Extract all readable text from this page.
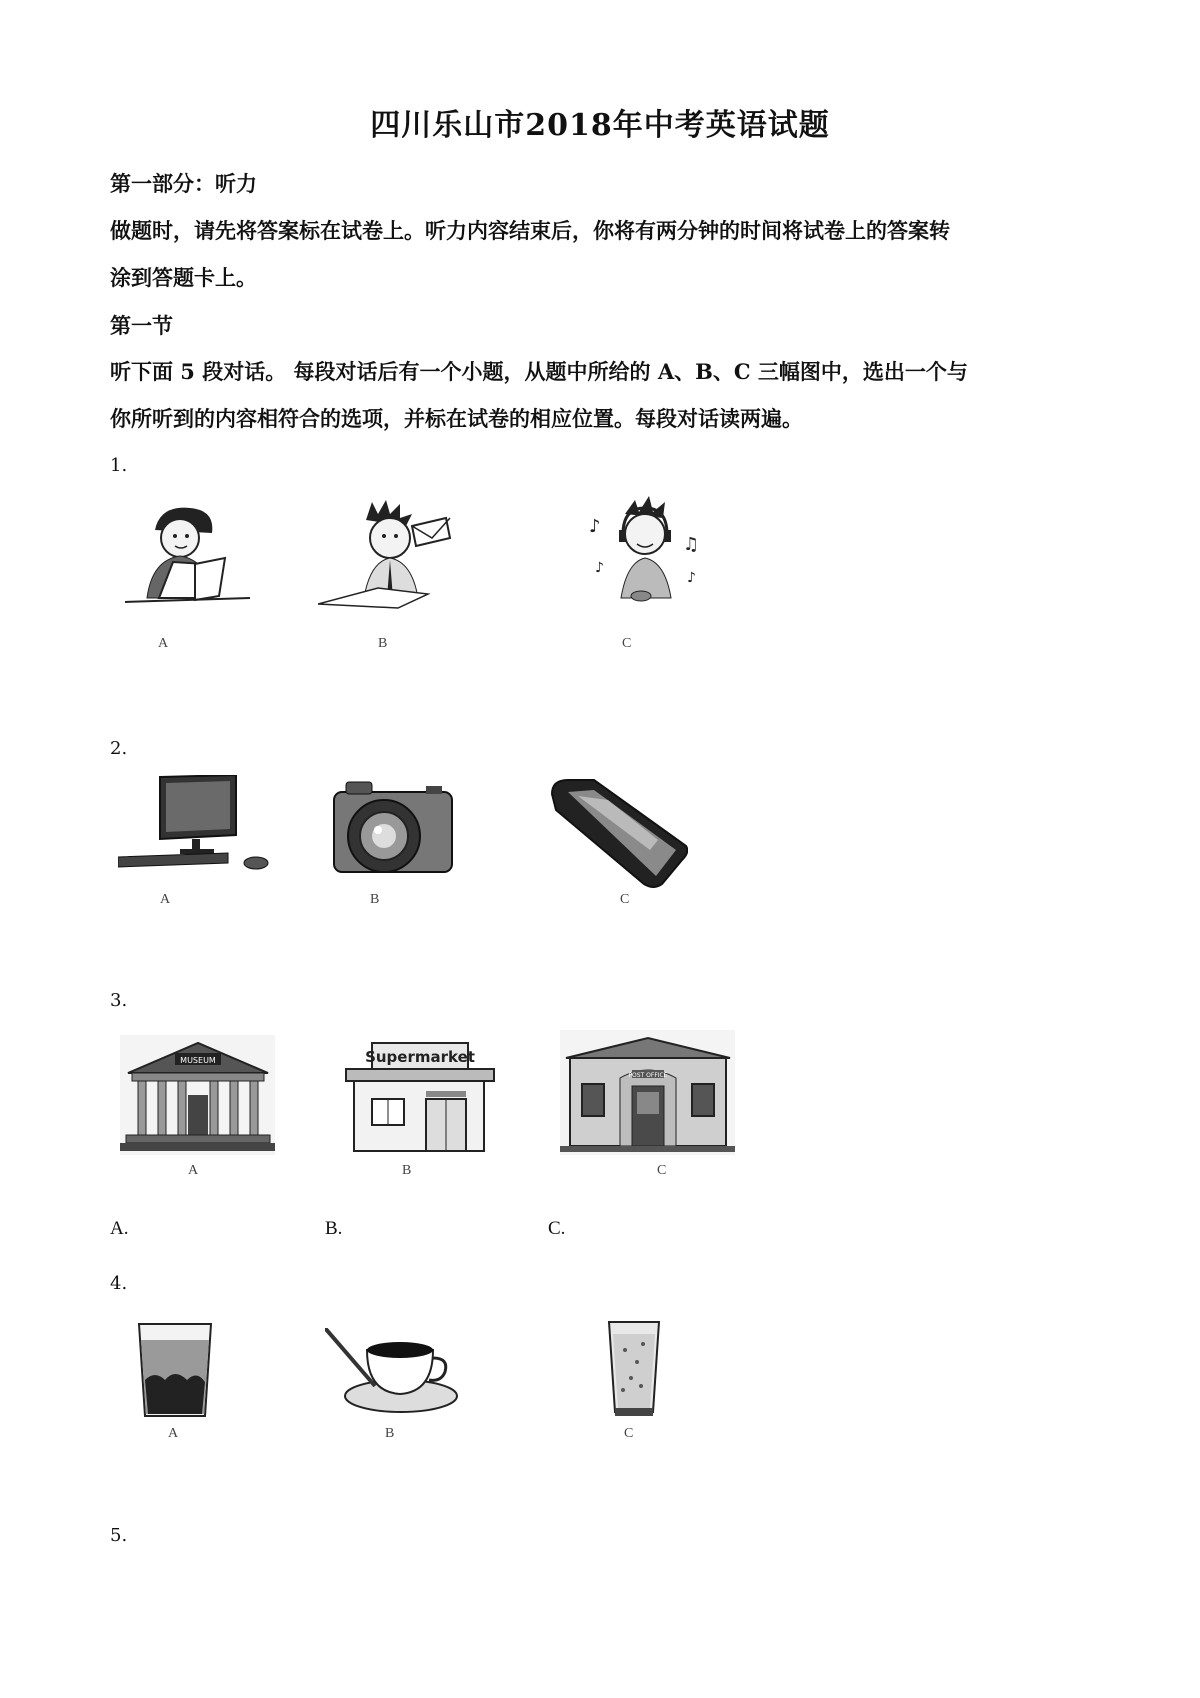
四川乐山市2018年中考英语试题
第一部分：听力
做题时，请先将答案标在试卷上。听力内容结束后，你将有两分钟的时间将试卷上的答案转
涂到答题卡上。
第一节
听下面 5 段对话。 每段对话后有一个小题，从题中所给的 A、B、C 三幅图中，选出一个与
你所听到的内容相符合的选项，并标在试卷的相应位置。每段对话读两遍。
1.
A	B
♪
♫
♪
♪
C
2.
A	B	C
3.
MUSEUM
A
Supermarket
B
POST OFFICE
C
A.	B.	C.
4.
A	B	C
5.
